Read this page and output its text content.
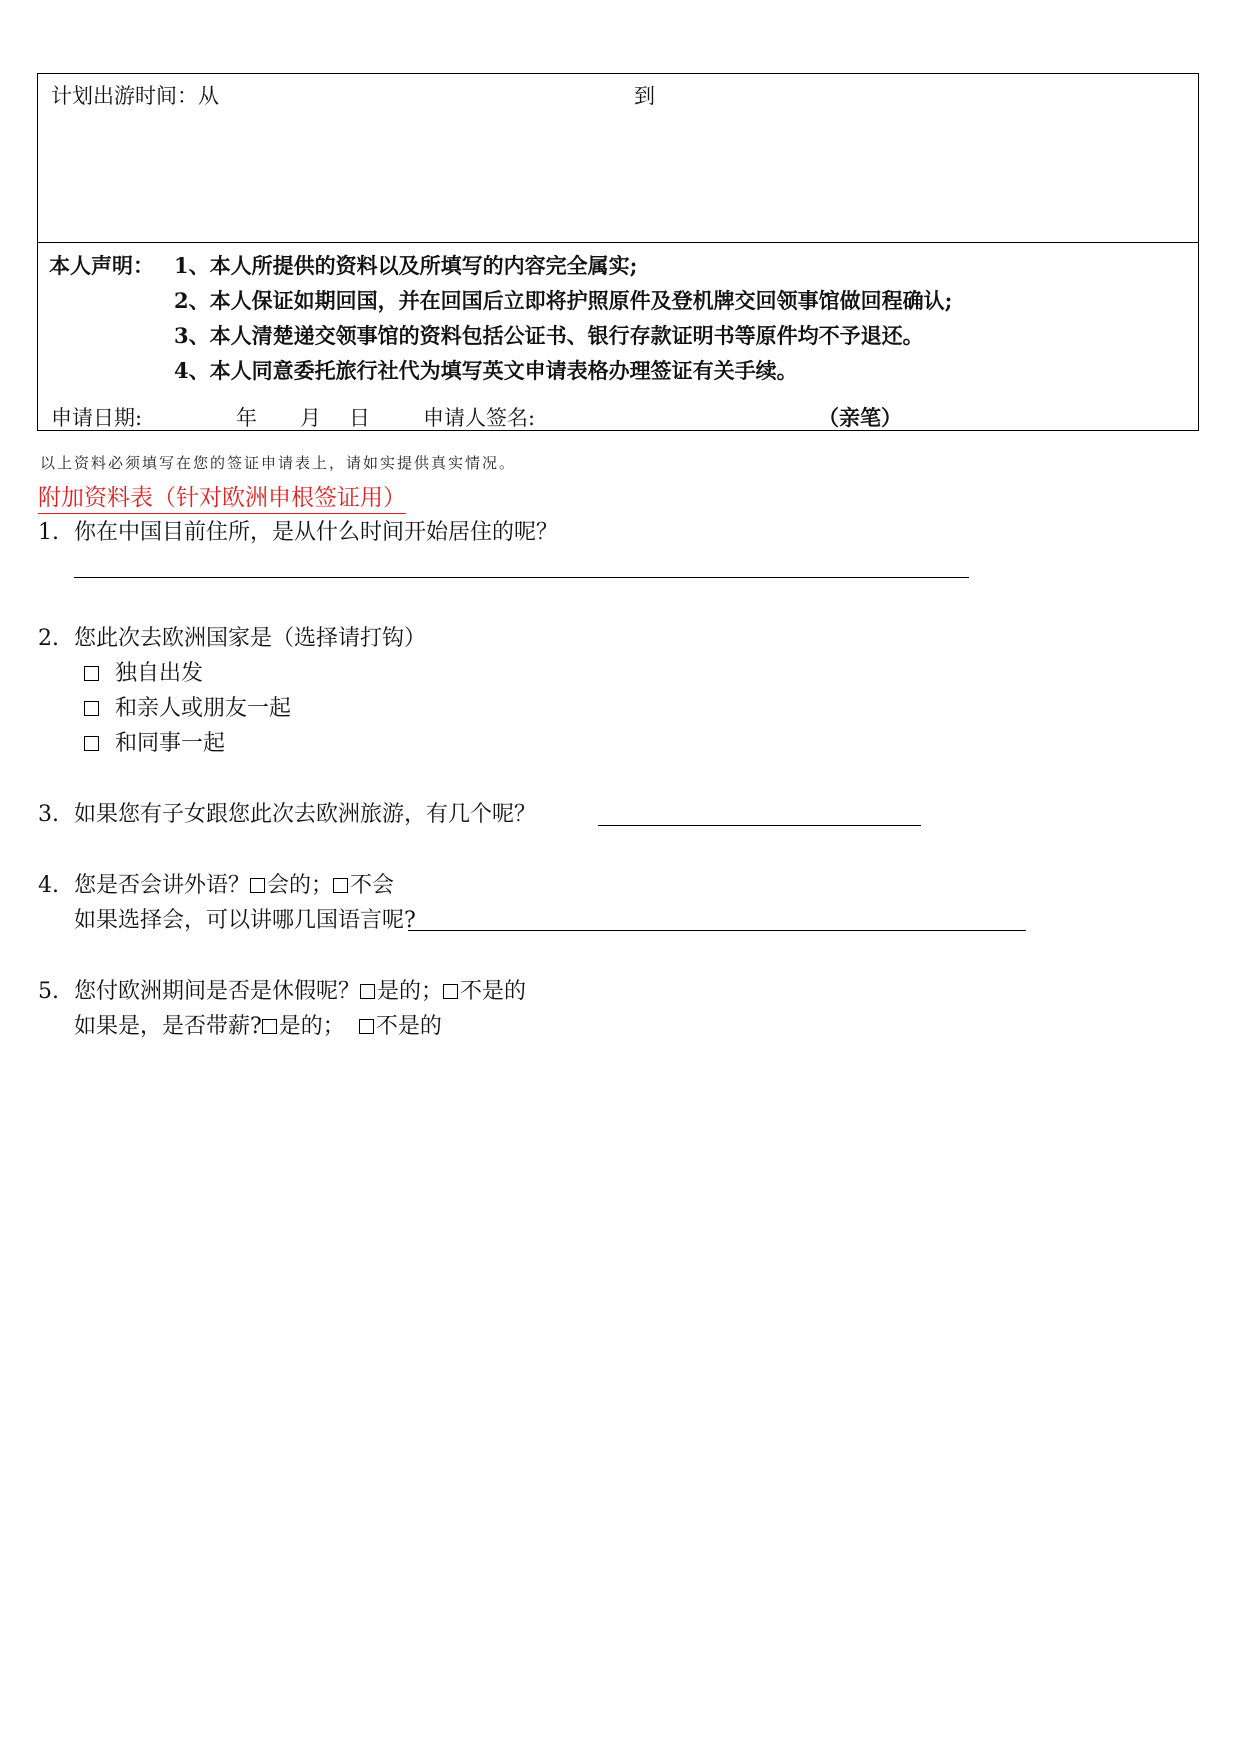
计划出游时间：从	到
本人声明： 1、本人所提供的资料以及所填写的内容完全属实;
2、本人保证如期回国，并在回国后立即将护照原件及登机牌交回领事馆做回程确认;
3、本人清楚递交领事馆的资料包括公证书、银行存款证明书等原件均不予退还。
4、本人同意委托旅行社代为填写英文申请表格办理签证有关手续。
申请日期:	年 月 日	申请人签名:	（亲笔）
以上资料必须填写在您的签证申请表上，请如实提供真实情况。
附加资料表（针对欧洲申根签证用）
1. 你在中国目前住所，是从什么时间开始居住的呢？
2. 您此次去欧洲国家是（选择请打钩）
独自出发
和亲人或朋友一起
和同事一起
3. 如果您有子女跟您此次去欧洲旅游，有几个呢？
4. 您是否会讲外语？ 会的； 不会
如果选择会，可以讲哪几国语言呢?
5. 您付欧洲期间是否是休假呢？ 是的； 不是的
如果是，是否带薪? 是的； 不是的
